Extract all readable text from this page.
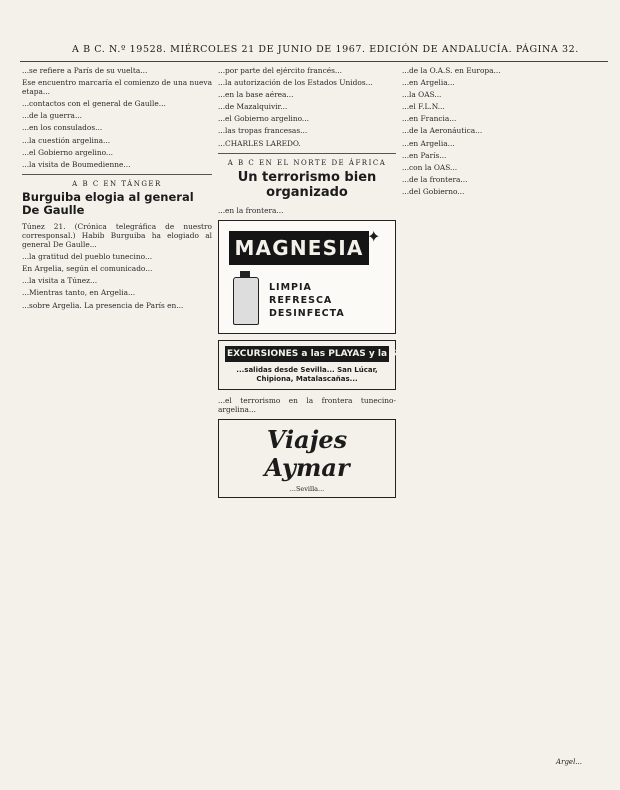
A B C. N.º 19528. MIÉRCOLES 21 DE JUNIO DE 1967. EDICIÓN DE ANDALUCÍA. PÁGINA 32.

...se refiere a París de su vuelta...

Ese encuentro marcaría el comienzo de una nueva etapa...

...contactos con el general de Gaulle...

...de la guerra...

...en los consulados...

...la cuestión argelina...

...el Gobierno argelino...

...la visita de Boumedienne...

A B C EN TÁNGER
Burguiba elogia al general De Gaulle

Túnez 21. (Crónica telegráfica de nuestro corresponsal.) Habib Burguiba ha elogiado al general De Gaulle...

...la gratitud del pueblo tunecino...

En Argelia, según el comunicado...

...la visita a Túnez...

...Mientras tanto, en Argelia...

...sobre Argelia. La presencia de París en...

...por parte del ejército francés...

...la autorización de los Estados Unidos...

...en la base aérea...

...de Mazalquivir...

...el Gobierno argelino...

...las tropas francesas...

...CHARLES LAREDO.

A B C EN EL NORTE DE ÁFRICA
Un terrorismo bien organizado

...en la frontera...

MAGNESIA ✦
LIMPIA
REFRESCA
DESINFECTA
EXCURSIONES a las PLAYAS y la SIERRA
...salidas desde Sevilla... San Lúcar, Chipiona, Matalascañas...

...el terrorismo en la frontera tunecino-argelina...

Viajes Aymar
...Sevilla...

...de la O.A.S. en Europa...

...en Argelia...

...la OAS...

...el F.L.N...

...en Francia...

...de la Aeronáutica...

...en Argelia...

...en París...

...con la OAS...

...de la frontera...

...del Gobierno...

Argel...
